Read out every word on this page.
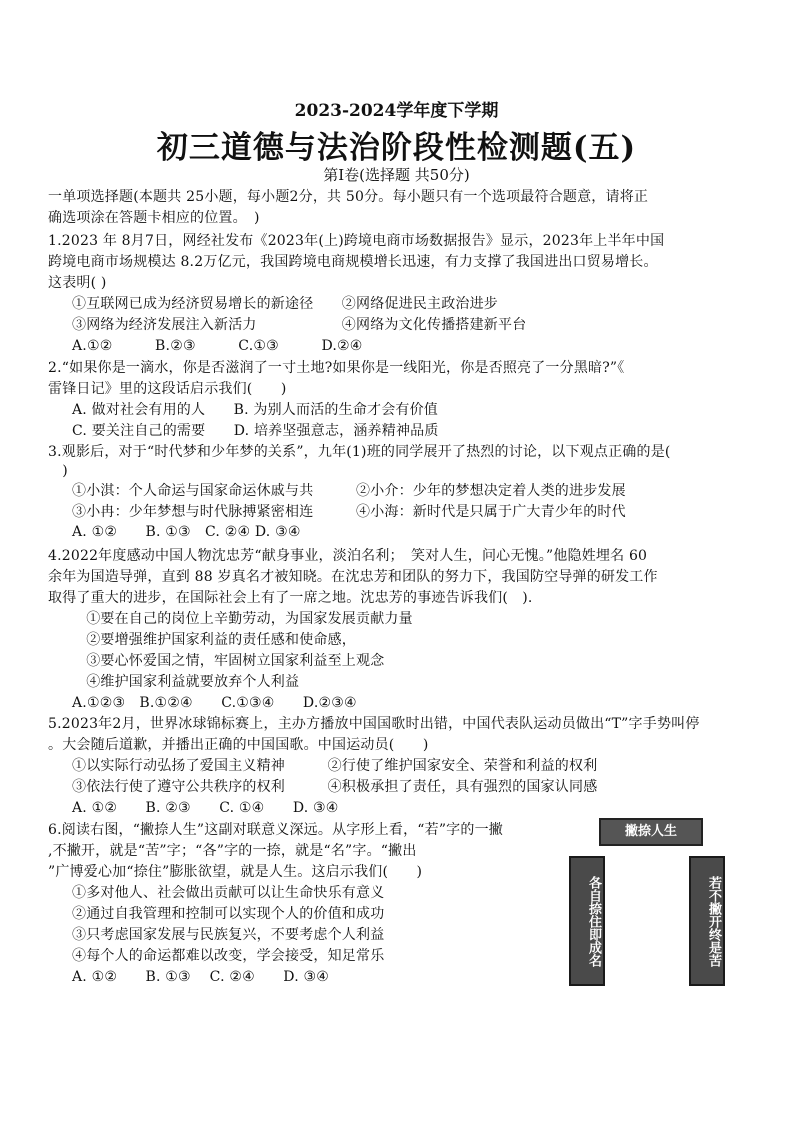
2023-2024学年度下学期
初三道德与法治阶段性检测题(五)
第Ⅰ卷(选择题 共50分)
一单项选择题(本题共 25小题，每小题2分，共 50分。每小题只有一个选项最符合题意，请将正
确选项涂在答题卡相应的位置。　)
1.2023 年 8月7日，网经社发布《2023年(上)跨境电商市场数据报告》显示，2023年上半年中国
跨境电商市场规模达 8.2万亿元，我国跨境电商规模增长迅速，有力支撑了我国进出口贸易增长。
这表明( )
①互联网已成为经济贸易增长的新途径　　②网络促进民主政治进步
③网络为经济发展注入新活力　　　　　　④网络为文化传播搭建新平台
A.①②　　　B.②③　　　C.①③　　　D.②④
2.“如果你是一滴水，你是否滋润了一寸土地?如果你是一线阳光，你是否照亮了一分黑暗?”《
雷锋日记》里的这段话启示我们(　　)
A. 做对社会有用的人　　B. 为别人而活的生命才会有价值
C. 要关注自己的需要　　D. 培养坚强意志，涵养精神品质
3.观影后，对于“时代梦和少年梦的关系”，九年(1)班的同学展开了热烈的讨论，以下观点正确的是(
　)
①小淇：个人命运与国家命运休戚与共　　　②小介：少年的梦想决定着人类的进步发展
③小冉：少年梦想与时代脉搏紧密相连　　　④小海：新时代是只属于广大青少年的时代
A. ①②　　B. ①③　C. ②④ D. ③④
4.2022年度感动中国人物沈忠芳“献身事业，淡泊名利；　笑对人生，问心无愧。”他隐姓埋名 60
余年为国造导弹，直到 88 岁真名才被知晓。在沈忠芳和团队的努力下，我国防空导弹的研发工作
取得了重大的进步，在国际社会上有了一席之地。沈忠芳的事迹告诉我们(　).
　①要在自己的岗位上辛勤劳动，为国家发展贡献力量
　②要增强维护国家利益的责任感和使命感，
　③要心怀爱国之情，牢固树立国家利益至上观念
　④维护国家利益就要放弃个人利益
A.①②③　B.①②④　　C.①③④　　D.②③④
5.2023年2月，世界冰球锦标赛上，主办方播放中国国歌时出错，中国代表队运动员做出“T”字手势叫停
。大会随后道歉，并播出正确的中国国歌。中国运动员(　　)
①以实际行动弘扬了爱国主义精神　　　②行使了维护国家安全、荣誉和利益的权利
③依法行使了遵守公共秩序的权利　　　④积极承担了责任，具有强烈的国家认同感
A. ①②　　B. ②③　　C. ①④　　D. ③④
6.阅读右图，“撇捺人生”这副对联意义深远。从字形上看，“若”字的一撇
,不撇开，就是“苦”字；“各”字的一捺，就是“名”字。“撇出
”广博爱心加“捺住”膨胀欲望，就是人生。这启示我们(　　)
①多对他人、社会做出贡献可以让生命快乐有意义
②通过自我管理和控制可以实现个人的价值和成功
③只考虑国家发展与民族复兴，不要考虑个人利益
④每个人的命运都难以改变，学会接受，知足常乐
A. ①②　　B. ①③　 C. ②④　　D. ③④
撇捺人生
各自捺住即成名	若不撇开终是苦
